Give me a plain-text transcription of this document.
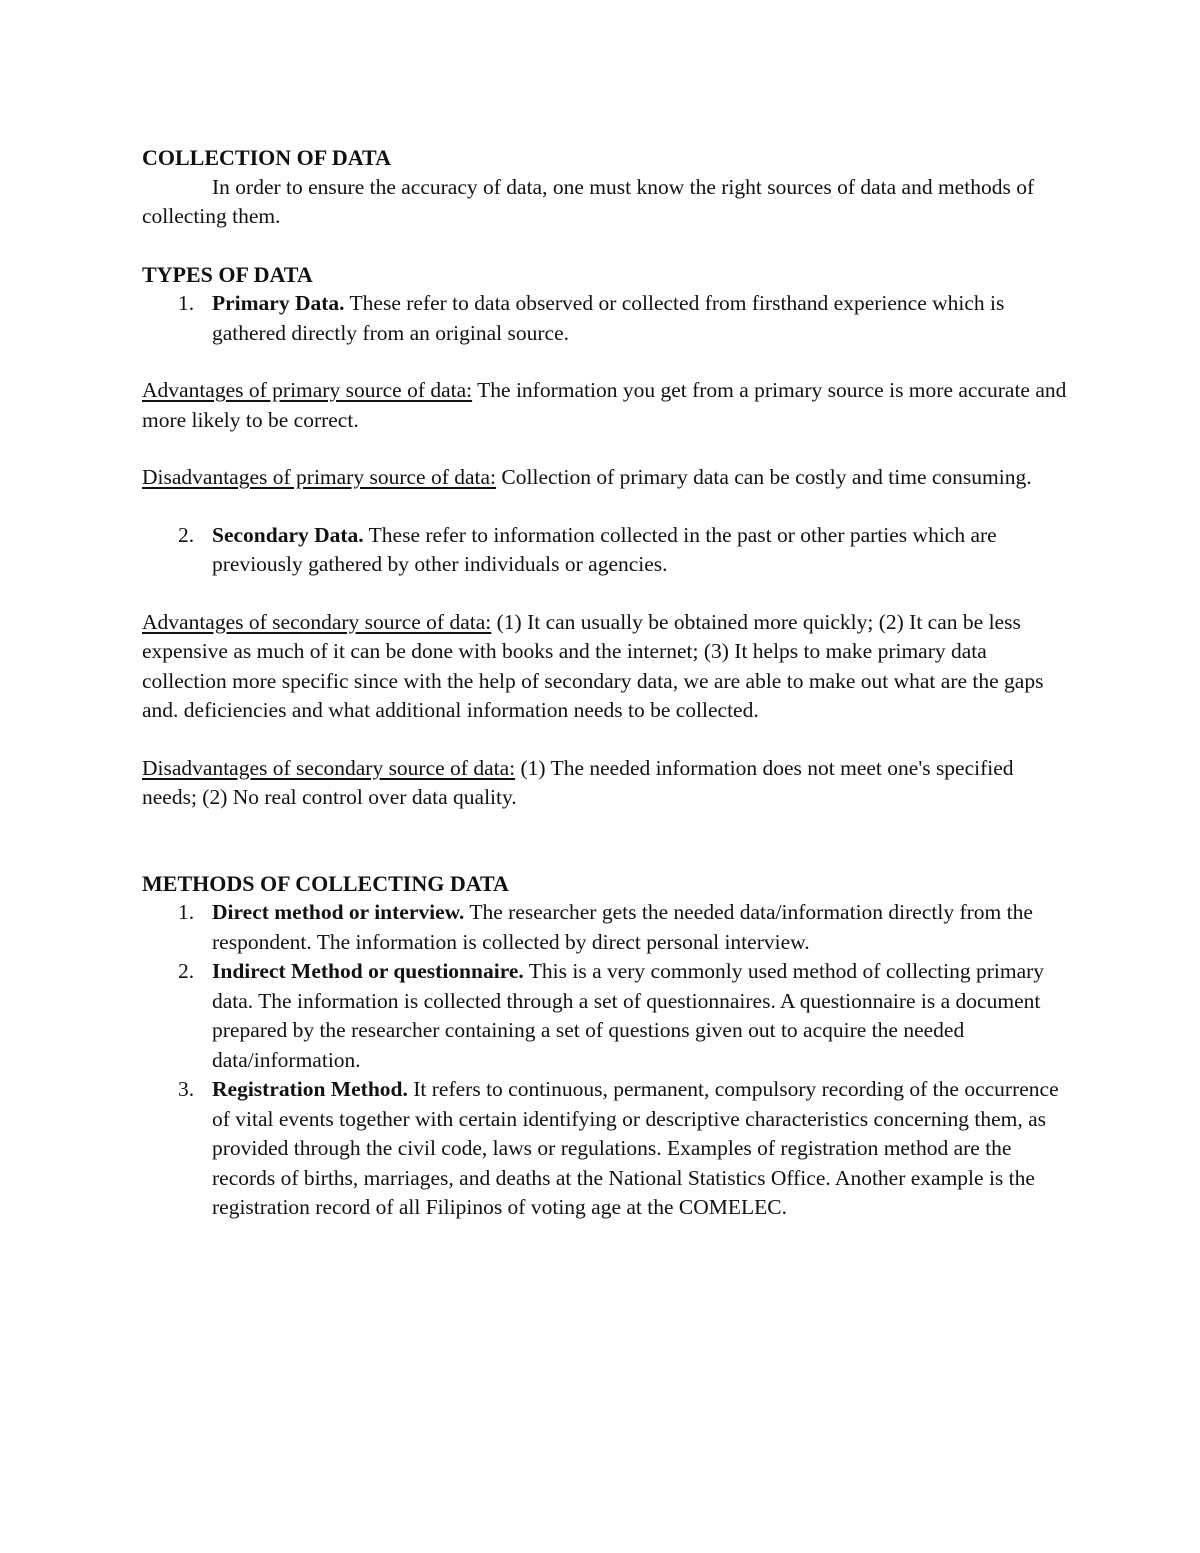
COLLECTION OF DATA

In order to ensure the accuracy of data, one must know the right sources of data and methods of collecting them.

TYPES OF DATA

1. Primary Data. These refer to data observed or collected from firsthand experience which is gathered directly from an original source.

Advantages of primary source of data: The information you get from a primary source is more accurate and more likely to be correct.

Disadvantages of primary source of data: Collection of primary data can be costly and time consuming.

2. Secondary Data. These refer to information collected in the past or other parties which are previously gathered by other individuals or agencies.

Advantages of secondary source of data: (1) It can usually be obtained more quickly; (2) It can be less expensive as much of it can be done with books and the internet; (3) It helps to make primary data collection more specific since with the help of secondary data, we are able to make out what are the gaps and. deficiencies and what additional information needs to be collected.

Disadvantages of secondary source of data: (1) The needed information does not meet one's specified needs; (2) No real control over data quality.

METHODS OF COLLECTING DATA

1. Direct method or interview. The researcher gets the needed data/information directly from the respondent. The information is collected by direct personal interview.
2. Indirect Method or questionnaire. This is a very commonly used method of collecting primary data. The information is collected through a set of questionnaires. A questionnaire is a document prepared by the researcher containing a set of questions given out to acquire the needed data/information.
3. Registration Method. It refers to continuous, permanent, compulsory recording of the occurrence of vital events together with certain identifying or descriptive characteristics concerning them, as provided through the civil code, laws or regulations. Examples of registration method are the records of births, marriages, and deaths at the National Statistics Office. Another example is the registration record of all Filipinos of voting age at the COMELEC.
